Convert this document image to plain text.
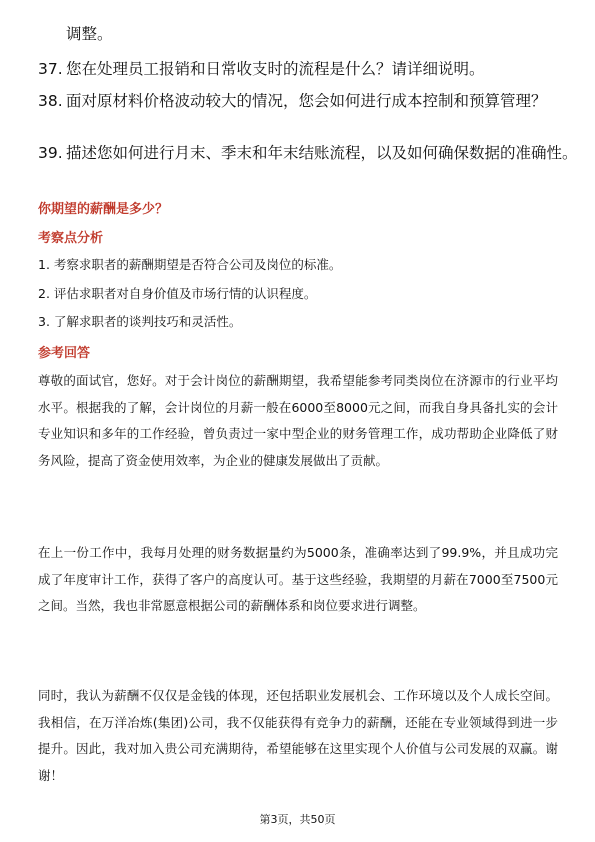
调整。
37. 您在处理员工报销和日常收支时的流程是什么？请详细说明。
38. 面对原材料价格波动较大的情况，您会如何进行成本控制和预算管理？
39. 描述您如何进行月末、季末和年末结账流程，以及如何确保数据的准确性。
你期望的薪酬是多少？
考察点分析
1. 考察求职者的薪酬期望是否符合公司及岗位的标准。
2. 评估求职者对自身价值及市场行情的认识程度。
3. 了解求职者的谈判技巧和灵活性。
参考回答
尊敬的面试官，您好。对于会计岗位的薪酬期望，我希望能参考同类岗位在济源市的行业平均水平。根据我的了解，会计岗位的月薪一般在6000至8000元之间，而我自身具备扎实的会计专业知识和多年的工作经验，曾负责过一家中型企业的财务管理工作，成功帮助企业降低了财务风险，提高了资金使用效率，为企业的健康发展做出了贡献。
在上一份工作中，我每月处理的财务数据量约为5000条，准确率达到了99.9%，并且成功完成了年度审计工作，获得了客户的高度认可。基于这些经验，我期望的月薪在7000至7500元之间。当然，我也非常愿意根据公司的薪酬体系和岗位要求进行调整。
同时，我认为薪酬不仅仅是金钱的体现，还包括职业发展机会、工作环境以及个人成长空间。我相信，在万洋冶炼(集团)公司，我不仅能获得有竞争力的薪酬，还能在专业领域得到进一步提升。因此，我对加入贵公司充满期待，希望能够在这里实现个人价值与公司发展的双赢。谢谢！
第3页，共50页
